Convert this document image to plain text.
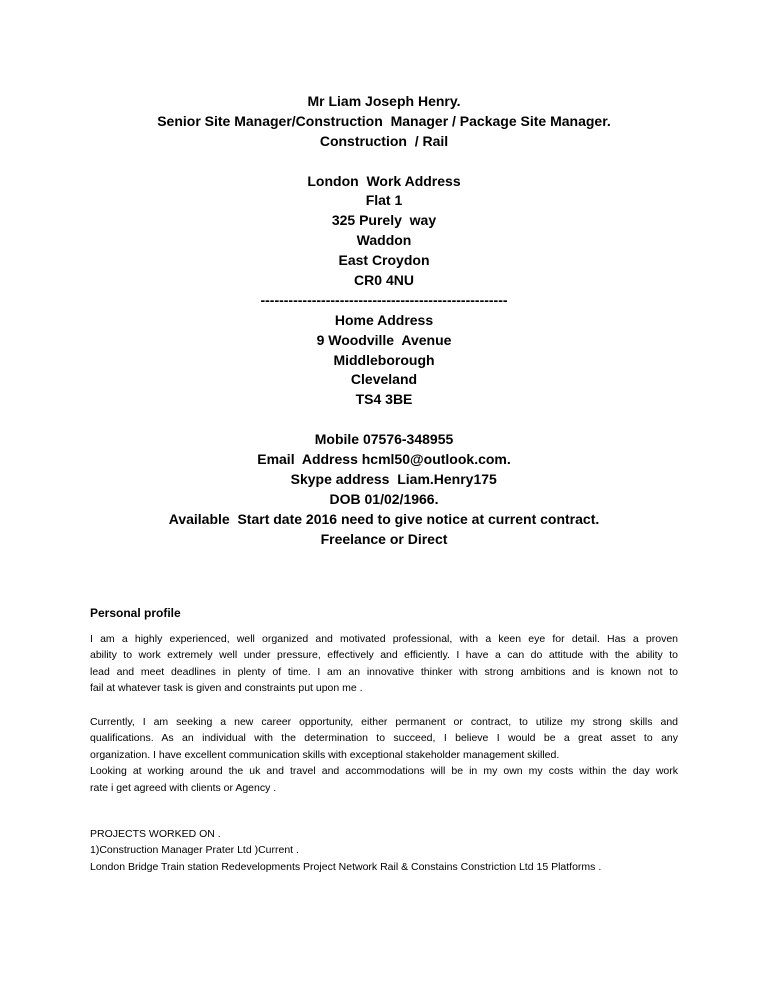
Mr Liam Joseph Henry.
Senior Site Manager/Construction  Manager / Package Site Manager.
Construction  / Rail
London  Work Address
Flat 1
325 Purely  way
Waddon
East Croydon
CR0 4NU
-----------------------------------------------------
Home Address
9 Woodville  Avenue
Middleborough
Cleveland
TS4 3BE
Mobile 07576-348955
Email  Address hcml50@outlook.com.
Skype address  Liam.Henry175
DOB 01/02/1966.
Available  Start date 2016 need to give notice at current contract.
Freelance or Direct
Personal profile
I am a highly experienced, well organized and motivated professional, with a keen eye for detail. Has a proven
ability to work extremely well under pressure, effectively and efficiently. I have a can do attitude with the ability to
lead and meet deadlines in plenty of time. I am an innovative thinker with strong ambitions and is known not to
fail at whatever task is given and constraints put upon me .
Currently, I am seeking a new career opportunity, either permanent or contract, to utilize my strong skills and
qualifications. As an individual with the determination to succeed, I believe I would be a great asset to any
organization. I have excellent communication skills with exceptional stakeholder management skilled.
Looking at working around the uk and travel and accommodations will be in my own my costs within the day work
rate i get agreed with clients or Agency .
PROJECTS WORKED ON .
1)Construction Manager Prater Ltd )Current .
London Bridge Train station Redevelopments Project Network Rail & Constains Constriction Ltd 15 Platforms .
